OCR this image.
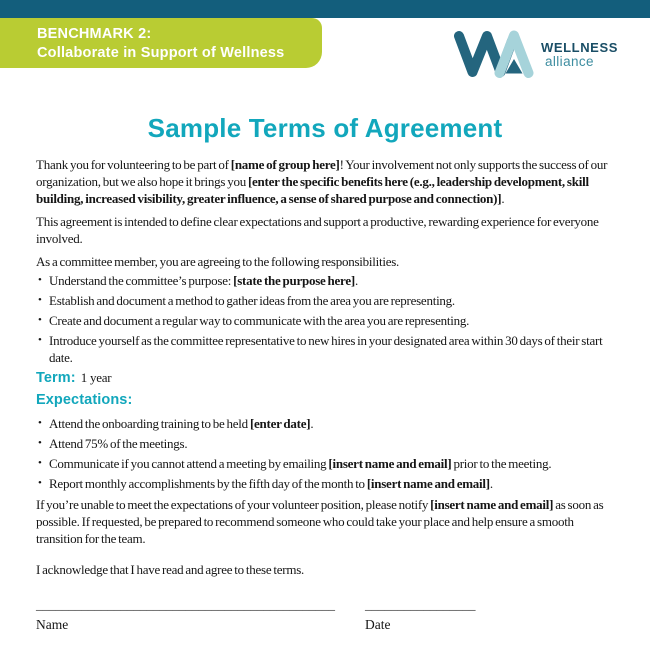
BENCHMARK 2:
Collaborate in Support of Wellness	WELLNESS
alliance
Sample Terms of Agreement

Thank you for volunteering to be part of [name of group here]! Your involvement not only supports the success of our organization, but we also hope it brings you [enter the specific benefits here (e.g., leadership development, skill building, increased visibility, greater influence, a sense of shared purpose and connection)].

This agreement is intended to define clear expectations and support a productive, rewarding experience for everyone involved.

As a committee member, you are agreeing to the following responsibilities.

• Understand the committee’s purpose: [state the purpose here].
• Establish and document a method to gather ideas from the area you are representing.
• Create and document a regular way to communicate with the area you are representing.
• Introduce yourself as the committee representative to new hires in your designated area within 30 days of their start date.
Term: 1 year
Expectations:
• Attend the onboarding training to be held [enter date].
• Attend 75% of the meetings.
• Communicate if you cannot attend a meeting by emailing [insert name and email] prior to the meeting.
• Report monthly accomplishments by the fifth day of the month to [insert name and email].

If you’re unable to meet the expectations of your volunteer position, please notify [insert name and email] as soon as possible. If requested, be prepared to recommend someone who could take your place and help ensure a smooth transition for the team.

I acknowledge that I have read and agree to these terms.

______________________________________________
Name
_________________
Date
